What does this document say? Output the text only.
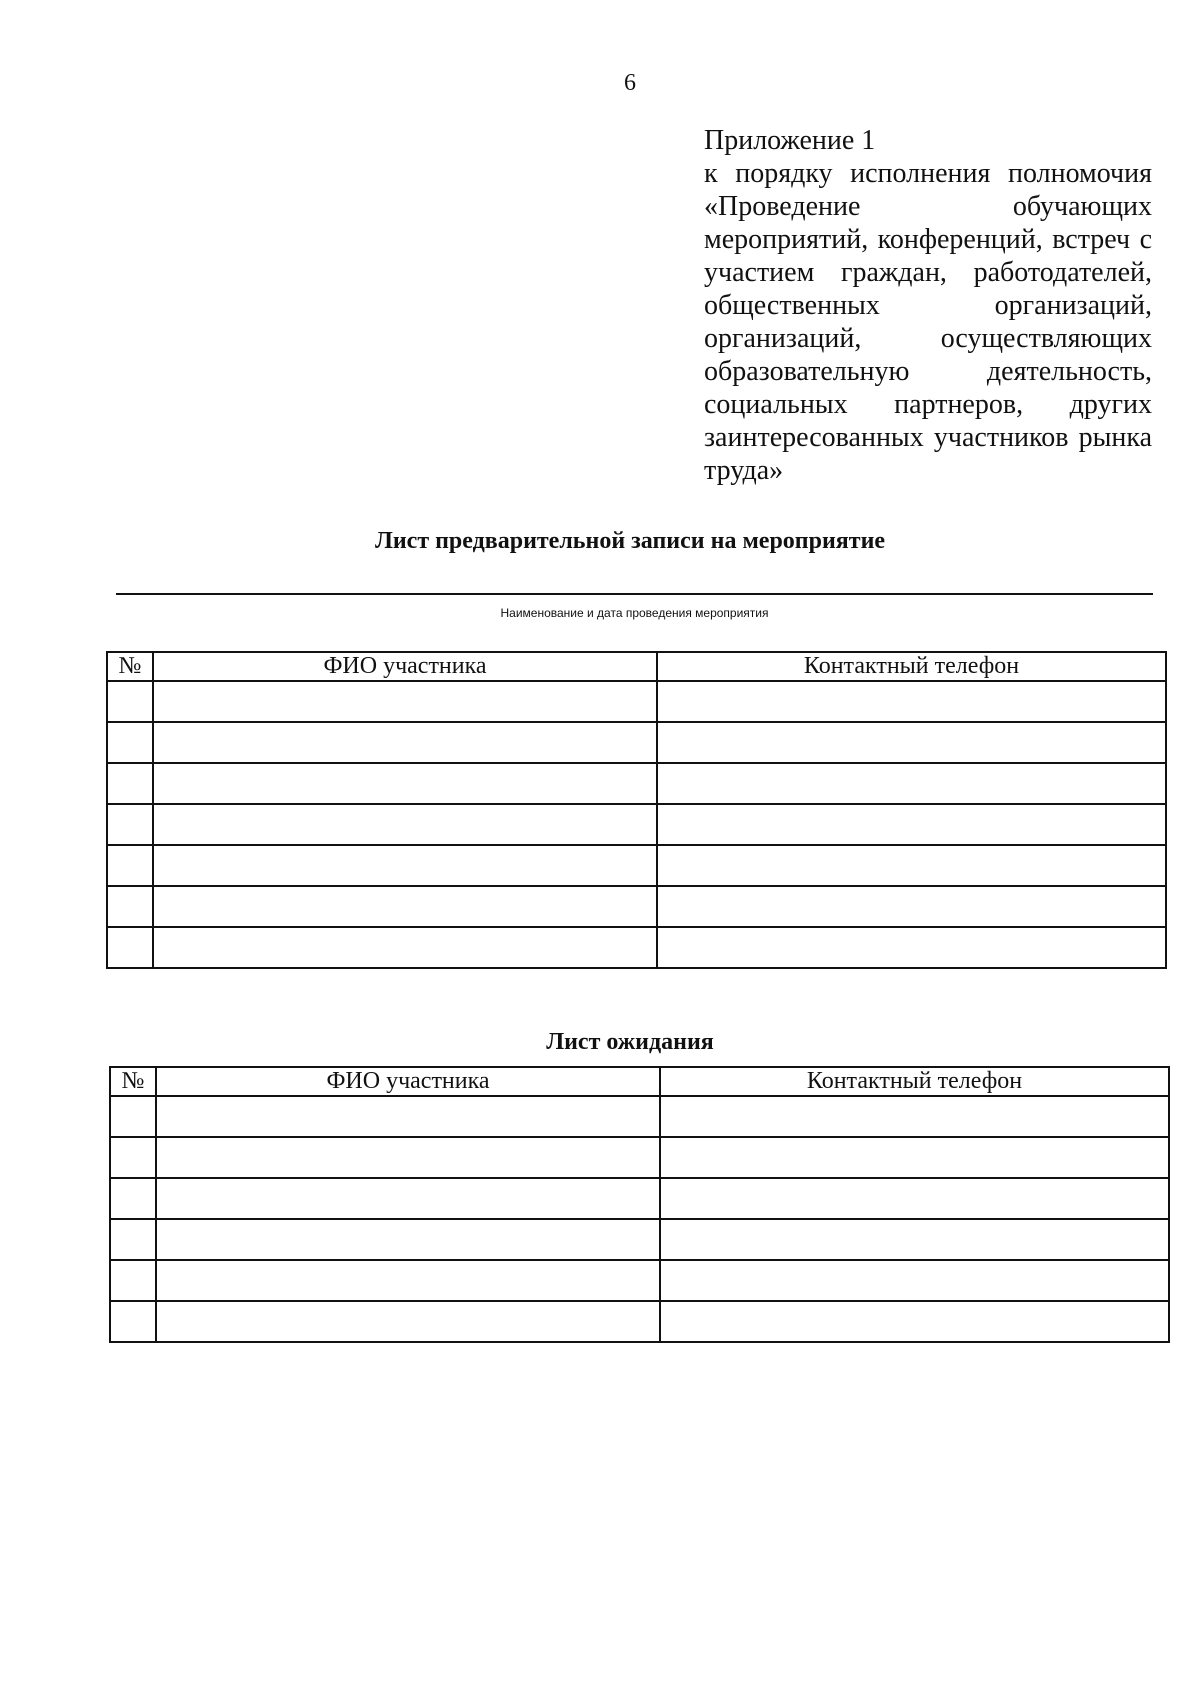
6
Приложение 1
к порядку исполнения полномочия «Проведение обучающих мероприятий, конференций, встреч с участием граждан, работодателей, общественных организаций, организаций, осуществляющих образовательную деятельность, социальных партнеров, других заинтересованных участников рынка труда»
Лист предварительной записи на мероприятие
Наименование и дата проведения мероприятия
№	ФИО участника	Контактный телефон

Лист ожидания
№	ФИО участника	Контактный телефон
